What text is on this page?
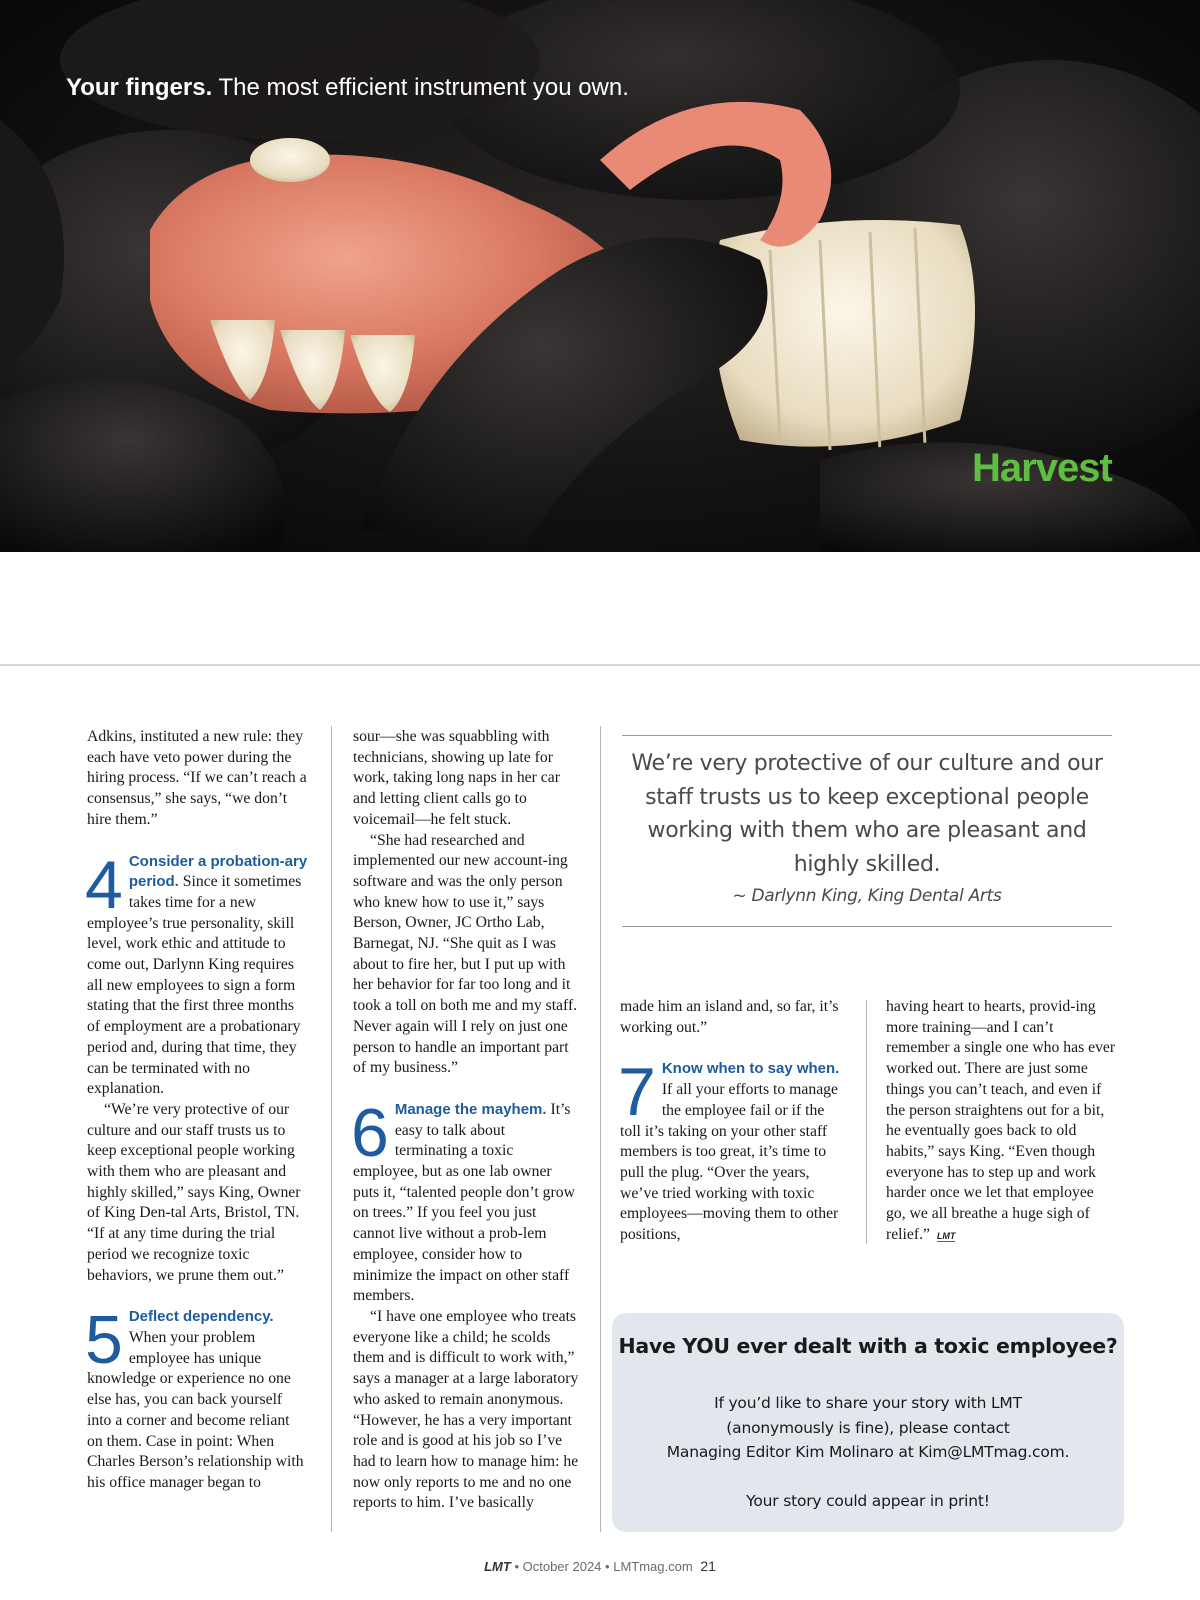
Your fingers. The most efficient instrument you own.
Harvest

Adkins, instituted a new rule: they each have veto power during the hiring process. “If we can’t reach a consensus,” she says, “we don’t hire them.”

4 Consider a probation-ary period. Since it sometimes takes time for a new employee’s true personality, skill level, work ethic and attitude to come out, Darlynn King requires all new employees to sign a form stating that the first three months of employment are a probationary period and, during that time, they can be terminated with no explanation.

“We’re very protective of our culture and our staff trusts us to keep exceptional people working with them who are pleasant and highly skilled,” says King, Owner of King Den-tal Arts, Bristol, TN. “If at any time during the trial period we recognize toxic behaviors, we prune them out.”

5 Deflect dependency. When your problem employee has unique knowledge or experience no one else has, you can back yourself into a corner and become reliant on them. Case in point: When Charles Berson’s relationship with his office manager began to

sour—she was squabbling with technicians, showing up late for work, taking long naps in her car and letting client calls go to voicemail—he felt stuck.

“She had researched and implemented our new account-ing software and was the only person who knew how to use it,” says Berson, Owner, JC Ortho Lab, Barnegat, NJ. “She quit as I was about to fire her, but I put up with her behavior for far too long and it took a toll on both me and my staff. Never again will I rely on just one person to handle an important part of my business.”

6 Manage the mayhem. It’s easy to talk about terminating a toxic employee, but as one lab owner puts it, “talented people don’t grow on trees.” If you feel you just cannot live without a prob-lem employee, consider how to minimize the impact on other staff members.

“I have one employee who treats everyone like a child; he scolds them and is difficult to work with,” says a manager at a large laboratory who asked to remain anonymous. “However, he has a very important role and is good at his job so I’ve had to learn how to manage him: he now only reports to me and no one reports to him. I’ve basically

We’re very protective of our culture and our staff trusts us to keep exceptional people working with them who are pleasant and highly skilled.
~ Darlynn King, King Dental Arts

made him an island and, so far, it’s working out.”

7 Know when to say when. If all your efforts to manage the employee fail or if the toll it’s taking on your other staff members is too great, it’s time to pull the plug. “Over the years, we’ve tried working with toxic employees—moving them to other positions,

having heart to hearts, provid-ing more training—and I can’t remember a single one who has ever worked out. There are just some things you can’t teach, and even if the person straightens out for a bit, he eventually goes back to old habits,” says King. “Even though everyone has to step up and work harder once we let that employee go, we all breathe a huge sigh of relief.” LMT

Have YOU ever dealt with a toxic employee?

If you’d like to share your story with LMT

(anonymously is fine), please contact

Managing Editor Kim Molinaro at Kim@LMTmag.com.

Your story could appear in print!

LMT • October 2024 • LMTmag.com 21
